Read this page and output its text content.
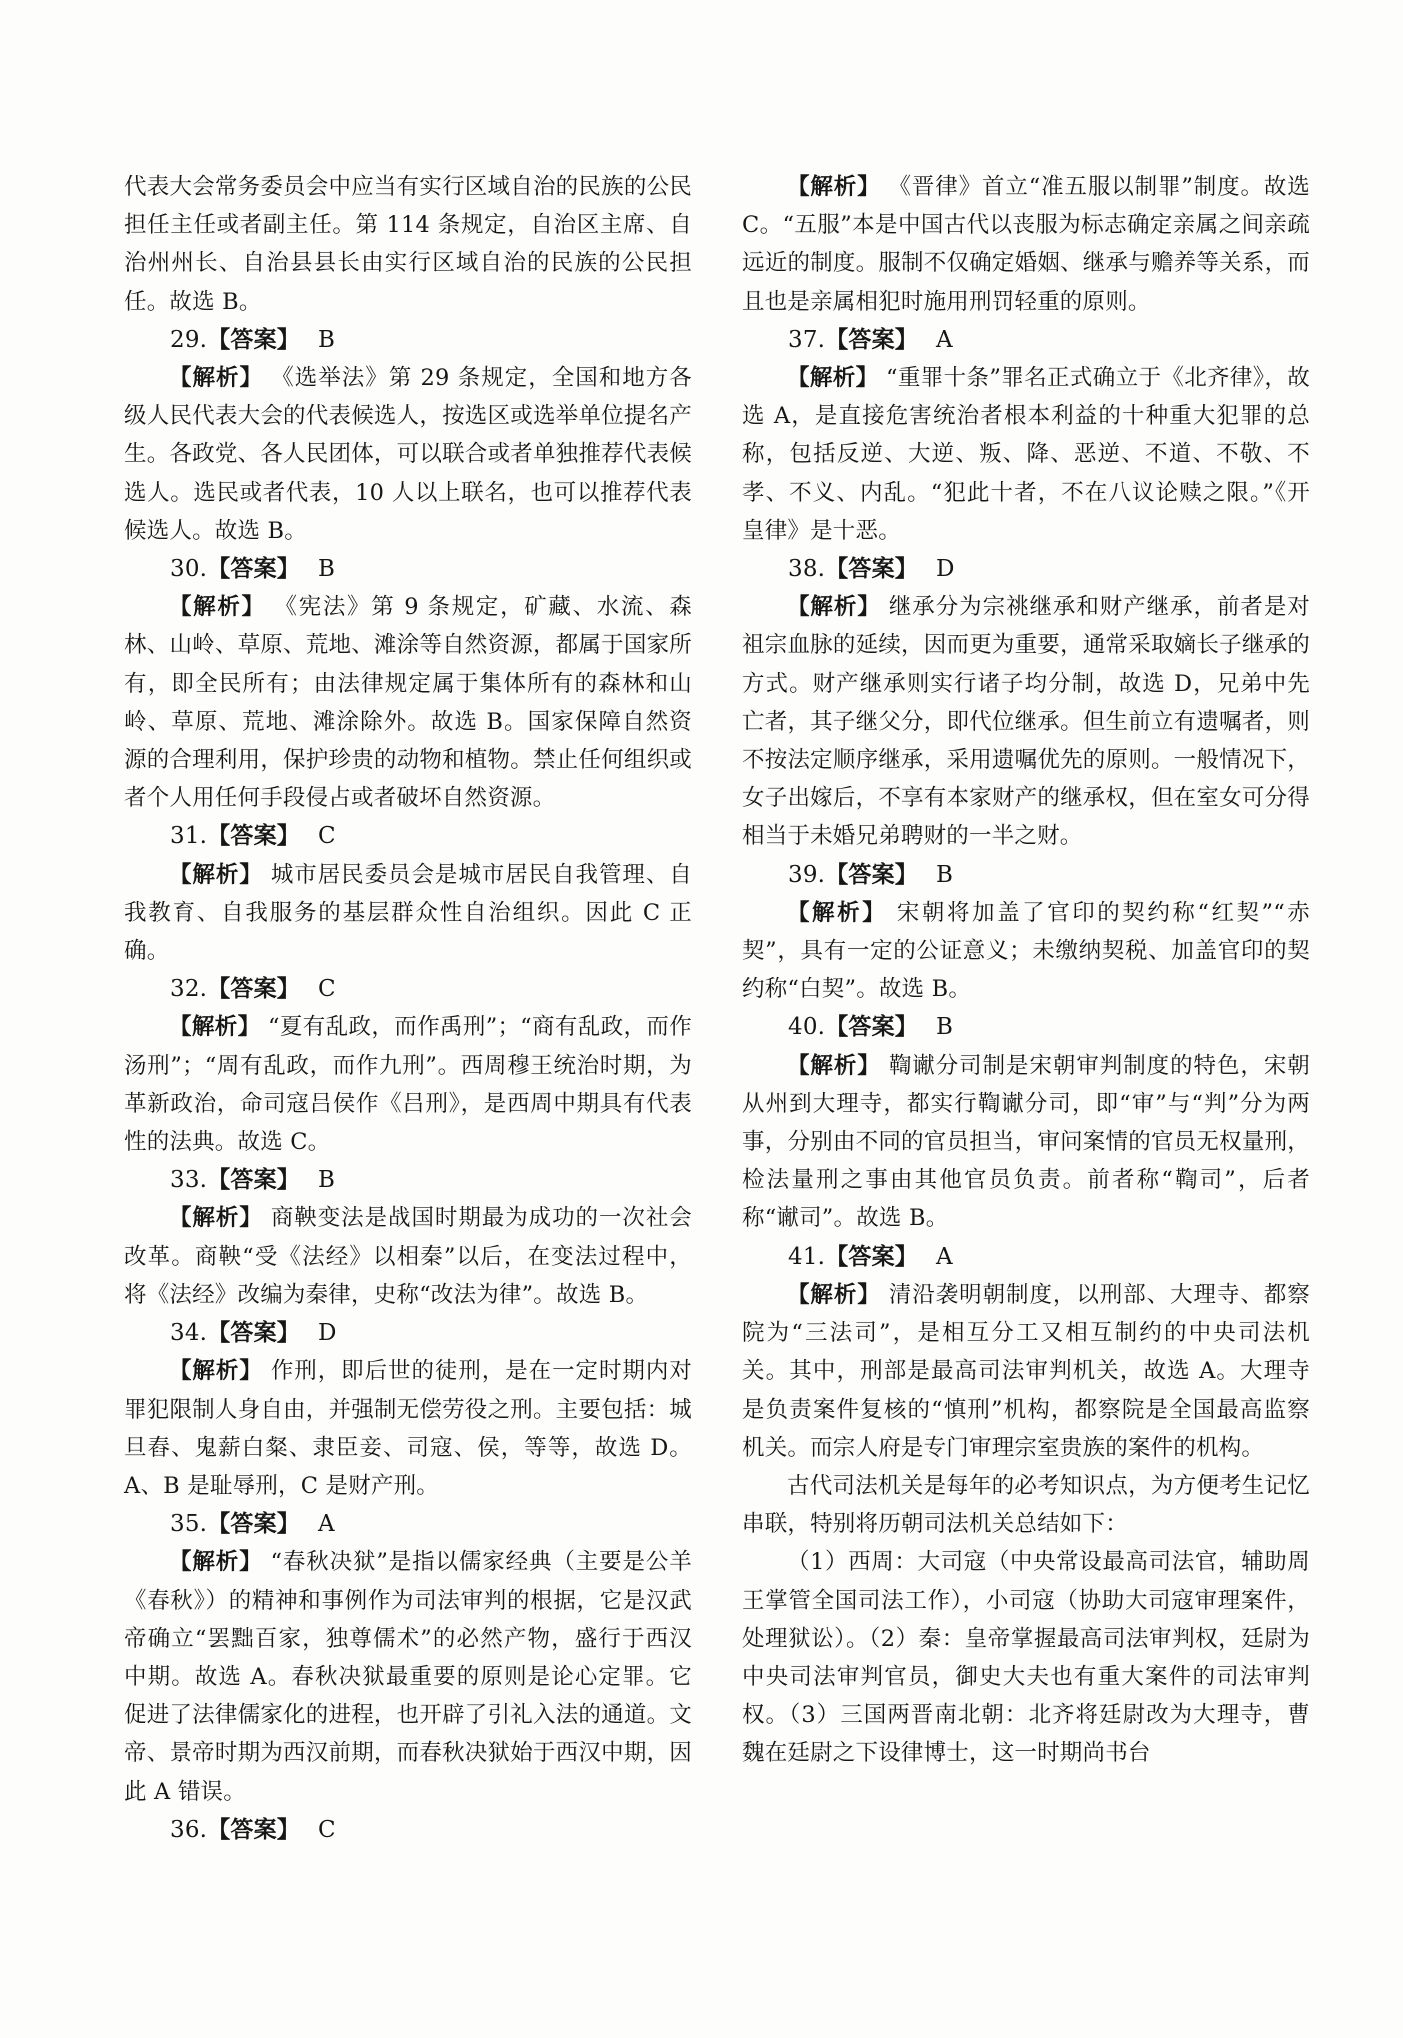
代表大会常务委员会中应当有实行区域自治的民族的公民担任主任或者副主任。第 114 条规定，自治区主席、自治州州长、自治县县长由实行区域自治的民族的公民担任。故选 B。

29.【答案】 B

【解析】 《选举法》第 29 条规定，全国和地方各级人民代表大会的代表候选人，按选区或选举单位提名产生。各政党、各人民团体，可以联合或者单独推荐代表候选人。选民或者代表，10 人以上联名，也可以推荐代表候选人。故选 B。

30.【答案】 B

【解析】 《宪法》第 9 条规定，矿藏、水流、森林、山岭、草原、荒地、滩涂等自然资源，都属于国家所有，即全民所有；由法律规定属于集体所有的森林和山岭、草原、荒地、滩涂除外。故选 B。国家保障自然资源的合理利用，保护珍贵的动物和植物。禁止任何组织或者个人用任何手段侵占或者破坏自然资源。

31.【答案】 C

【解析】 城市居民委员会是城市居民自我管理、自我教育、自我服务的基层群众性自治组织。因此 C 正确。

32.【答案】 C

【解析】 “夏有乱政，而作禹刑”；“商有乱政，而作汤刑”；“周有乱政，而作九刑”。西周穆王统治时期，为革新政治，命司寇吕侯作《吕刑》，是西周中期具有代表性的法典。故选 C。

33.【答案】 B

【解析】 商鞅变法是战国时期最为成功的一次社会改革。商鞅“受《法经》以相秦”以后，在变法过程中，将《法经》改编为秦律，史称“改法为律”。故选 B。

34.【答案】 D

【解析】 作刑，即后世的徒刑，是在一定时期内对罪犯限制人身自由，并强制无偿劳役之刑。主要包括：城旦舂、鬼薪白粲、隶臣妾、司寇、侯，等等，故选 D。A、B 是耻辱刑，C 是财产刑。

35.【答案】 A

【解析】 “春秋决狱”是指以儒家经典（主要是公羊《春秋》）的精神和事例作为司法审判的根据，它是汉武帝确立“罢黜百家，独尊儒术”的必然产物，盛行于西汉中期。故选 A。春秋决狱最重要的原则是论心定罪。它促进了法律儒家化的进程，也开辟了引礼入法的通道。文帝、景帝时期为西汉前期，而春秋决狱始于西汉中期，因此 A 错误。

36.【答案】 C

【解析】 《晋律》首立“准五服以制罪”制度。故选 C。“五服”本是中国古代以丧服为标志确定亲属之间亲疏远近的制度。服制不仅确定婚姻、继承与赡养等关系，而且也是亲属相犯时施用刑罚轻重的原则。

37.【答案】 A

【解析】 “重罪十条”罪名正式确立于《北齐律》，故选 A，是直接危害统治者根本利益的十种重大犯罪的总称，包括反逆、大逆、叛、降、恶逆、不道、不敬、不孝、不义、内乱。“犯此十者，不在八议论赎之限。”《开皇律》是十恶。

38.【答案】 D

【解析】 继承分为宗祧继承和财产继承，前者是对祖宗血脉的延续，因而更为重要，通常采取嫡长子继承的方式。财产继承则实行诸子均分制，故选 D，兄弟中先亡者，其子继父分，即代位继承。但生前立有遗嘱者，则不按法定顺序继承，采用遗嘱优先的原则。一般情况下，女子出嫁后，不享有本家财产的继承权，但在室女可分得相当于未婚兄弟聘财的一半之财。

39.【答案】 B

【解析】 宋朝将加盖了官印的契约称“红契”“赤契”，具有一定的公证意义；未缴纳契税、加盖官印的契约称“白契”。故选 B。

40.【答案】 B

【解析】 鞫谳分司制是宋朝审判制度的特色，宋朝从州到大理寺，都实行鞫谳分司，即“审”与“判”分为两事，分别由不同的官员担当，审问案情的官员无权量刑，检法量刑之事由其他官员负责。前者称“鞫司”，后者称“谳司”。故选 B。

41.【答案】 A

【解析】 清沿袭明朝制度，以刑部、大理寺、都察院为“三法司”，是相互分工又相互制约的中央司法机关。其中，刑部是最高司法审判机关，故选 A。大理寺是负责案件复核的“慎刑”机构，都察院是全国最高监察机关。而宗人府是专门审理宗室贵族的案件的机构。

古代司法机关是每年的必考知识点，为方便考生记忆串联，特别将历朝司法机关总结如下：

（1）西周：大司寇（中央常设最高司法官，辅助周王掌管全国司法工作），小司寇（协助大司寇审理案件，处理狱讼）。（2）秦：皇帝掌握最高司法审判权，廷尉为中央司法审判官员，御史大夫也有重大案件的司法审判权。（3）三国两晋南北朝：北齐将廷尉改为大理寺，曹魏在廷尉之下设律博士，这一时期尚书台
